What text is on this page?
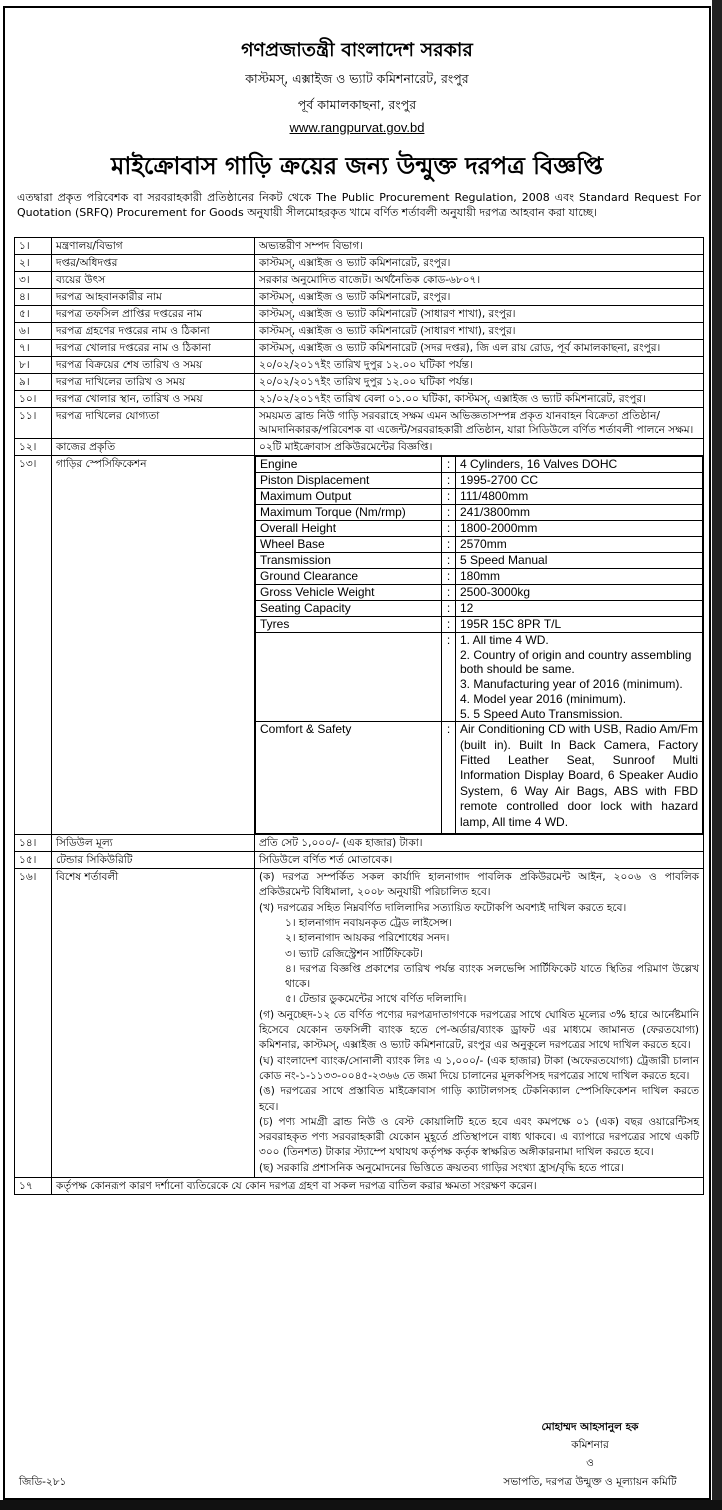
গণপ্রজাতন্ত্রী বাংলাদেশ সরকার
কাস্টমস্, এক্সাইজ ও ভ্যাট কমিশনারেট, রংপুর
পূর্ব কামালকাছনা, রংপুর
www.rangpurvat.gov.bd
মাইক্রোবাস গাড়ি ক্রয়ের জন্য উন্মুক্ত দরপত্র বিজ্ঞপ্তি
এতদ্বারা প্রকৃত পরিবেশক বা সরবরাহকারী প্রতিষ্ঠানের নিকট থেকে The Public Procurement Regulation, 2008 এবং Standard Request For Quotation (SRFQ) Procurement for Goods অনুযায়ী সীলমোহরকৃত খামে বর্ণিত শর্তাবলী অনুযায়ী দরপত্র আহবান করা যাচ্ছে।
১।	মন্ত্রণালয়/বিভাগ	অভ্যন্তরীণ সম্পদ বিভাগ।
২।	দপ্তর/অধিদপ্তর	কাস্টমস্, এক্সাইজ ও ভ্যাট কমিশনারেট, রংপুর।
৩।	ব্যয়ের উৎস	সরকার অনুমোদিত বাজেট। অর্থনৈতিক কোড-৬৮০৭।
৪।	দরপত্র আহবানকারীর নাম	কাস্টমস্, এক্সাইজ ও ভ্যাট কমিশনারেট, রংপুর।
৫।	দরপত্র তফসিল প্রাপ্তির দপ্তরের নাম	কাস্টমস্, এক্সাইজ ও ভ্যাট কমিশনারেট (সাধারণ শাখা), রংপুর।
৬।	দরপত্র গ্রহণের দপ্তরের নাম ও ঠিকানা	কাস্টমস্, এক্সাইজ ও ভ্যাট কমিশনারেট (সাধারণ শাখা), রংপুর।
৭।	দরপত্র খোলার দপ্তরের নাম ও ঠিকানা	কাস্টমস্, এক্সাইজ ও ভ্যাট কমিশনারেট (সদর দপ্তর), জি এল রায় রোড, পূর্ব কামালকাছনা, রংপুর।
৮।	দরপত্র বিক্রয়ের শেষ তারিখ ও সময়	২০/০২/২০১৭ইং তারিখ দুপুর ১২.০০ ঘটিকা পর্যন্ত।
৯।	দরপত্র দাখিলের তারিখ ও সময়	২০/০২/২০১৭ইং তারিখ দুপুর ১২.০০ ঘটিকা পর্যন্ত।
১০।	দরপত্র খোলার স্থান, তারিখ ও সময়	২১/০২/২০১৭ইং তারিখ বেলা ০১.০০ ঘটিকা, কাস্টমস্, এক্সাইজ ও ভ্যাট কমিশনারেট, রংপুর।
১১।	দরপত্র দাখিলের যোগ্যতা	সময়মত ব্রান্ড নিউ গাড়ি সরবরাহে সক্ষম এমন অভিজ্ঞতাসম্পন্ন প্রকৃত যানবাহন বিক্রেতা প্রতিষ্ঠান/আমদানিকারক/পরিবেশক বা এজেন্ট/সরবরাহকারী প্রতিষ্ঠান, যারা সিডিউলে বর্ণিত শর্তাবলী পালনে সক্ষম।
১২।	কাজের প্রকৃতি	০২টি মাইক্রোবাস প্রকিউরমেন্টের বিজ্ঞপ্তি।
১৩।	গাড়ির স্পেসিফিকেশন		Engine	:	4 Cylinders, 16 Valves DOHC
Piston Displacement	:	1995-2700 CC
Maximum Output	:	111/4800mm
Maximum Torque (Nm/rmp)	:	241/3800mm
Overall Height	:	1800-2000mm
Wheel Base	:	2570mm
Transmission	:	5 Speed Manual
Ground Clearance	:	180mm
Gross Vehicle Weight	:	2500-3000kg
Seating Capacity	:	12
Tyres	:	195R 15C 8PR T/L
	:	1. All time 4 WD.
2. Country of origin and country assembling both should be same.
3. Manufacturing year of 2016 (minimum).
4. Model year 2016 (minimum).
5. 5 Speed Auto Transmission.

Comfort & Safety	:	Air Conditioning CD with USB, Radio Am/Fm (built in). Built In Back Camera, Factory Fitted Leather Seat, Sunroof Multi Information Display Board, 6 Speaker Audio System, 6 Way Air Bags, ABS with FBD remote controlled door lock with hazard lamp, All time 4 WD.

১৪।	সিডিউল মূল্য	প্রতি সেট ১,০০০/- (এক হাজার) টাকা।
১৫।	টেন্ডার সিকিউরিটি	সিডিউলে বর্ণিত শর্ত মোতাবেক।
১৬।	বিশেষ শর্তাবলী	(ক) দরপত্র সম্পর্কিত সকল কার্যাদি হালনাগাদ পাবলিক প্রকিউরমেন্ট আইন, ২০০৬ ও পাবলিক প্রকিউরমেন্ট বিধিমালা, ২০০৮ অনুযায়ী পরিচালিত হবে।
(খ) দরপত্রের সহিত নিম্নবর্ণিত দালিলাদির সত্যায়িত ফটোকপি অবশ্যই দাখিল করতে হবে।
১। হালনাগাদ নবায়নকৃত ট্রেড লাইসেন্স।
২। হালনাগাদ আয়কর পরিশোধের সনদ।
৩। ভ্যাট রেজিস্ট্রেশন সার্টিফিকেট।
৪। দরপত্র বিজ্ঞপ্তি প্রকাশের তারিখ পর্যন্ত ব্যাংক সলভেন্সি সার্টিফিকেট যাতে স্থিতির পরিমাণ উল্লেখ থাকে।
৫। টেন্ডার ডুকমেন্টের সাথে বর্ণিত দলিলাদি।
(গ) অনুচ্ছেদ-১২ তে বর্ণিত পণ্যের দরপত্রদাতাগণকে দরপত্রের সাথে ঘোষিত মূল্যের ৩% হারে আর্নেষ্টমানি হিসেবে যেকোন তফসিলী ব্যাংক হতে পে-অর্ডার/ব্যাংক ড্রাফট এর মাধ্যমে জামানত (ফেরতযোগ্য) কমিশনার, কাস্টমস্, এক্সাইজ ও ভ্যাট কমিশনারেট, রংপুর এর অনুকূলে দরপত্রের সাথে দাখিল করতে হবে।
(ঘ) বাংলাদেশ ব্যাংক/সোনালী ব্যাংক লিঃ এ ১,০০০/- (এক হাজার) টাকা (অফেরতযোগ্য) ট্রেজারী চালান কোড নং-১-১১৩৩-০০৪৫-২৩৬৬ তে জমা দিয়ে চালানের মূলকপিসহ দরপত্রের সাথে দাখিল করতে হবে।
(ঙ) দরপত্রের সাথে প্রস্তাবিত মাইক্রোবাস গাড়ি ক্যাটালগসহ টেকনিক্যাল স্পেসিফিকেশন দাখিল করতে হবে।
(চ) পণ্য সামগ্রী ব্রান্ড নিউ ও বেস্ট কোয়ালিটি হতে হবে এবং কমপক্ষে ০১ (এক) বছর ওয়ারেন্টিসহ সরবরাহকৃত পণ্য সরবরাহকারী যেকোন মুহূর্তে প্রতিস্থাপনে বাধ্য থাকবে। এ ব্যাপারে দরপত্রের সাথে একটি ৩০০ (তিনশত) টাকার স্ট্যাম্পে যথাযথ কর্তৃপক্ষ কর্তৃক স্বাক্ষরিত অঙ্গীকারনামা দাখিল করতে হবে।
(ছ) সরকারি প্রশাসনিক অনুমোদনের ভিত্তিতে ক্রয়তব্য গাড়ির সংখ্যা হ্রাস/বৃদ্ধি হতে পারে।

১৭	কর্তৃপক্ষ কোনরূপ কারণ দর্শানো ব্যতিরেকে যে কোন দরপত্র গ্রহণ বা সকল দরপত্র বাতিল করার ক্ষমতা সংরক্ষণ করেন।
মোহাম্মদ আহসানুল হক
কমিশনার
ও
সভাপতি, দরপত্র উন্মুক্ত ও মূল্যায়ন কমিটি
জিডি-২৮১
